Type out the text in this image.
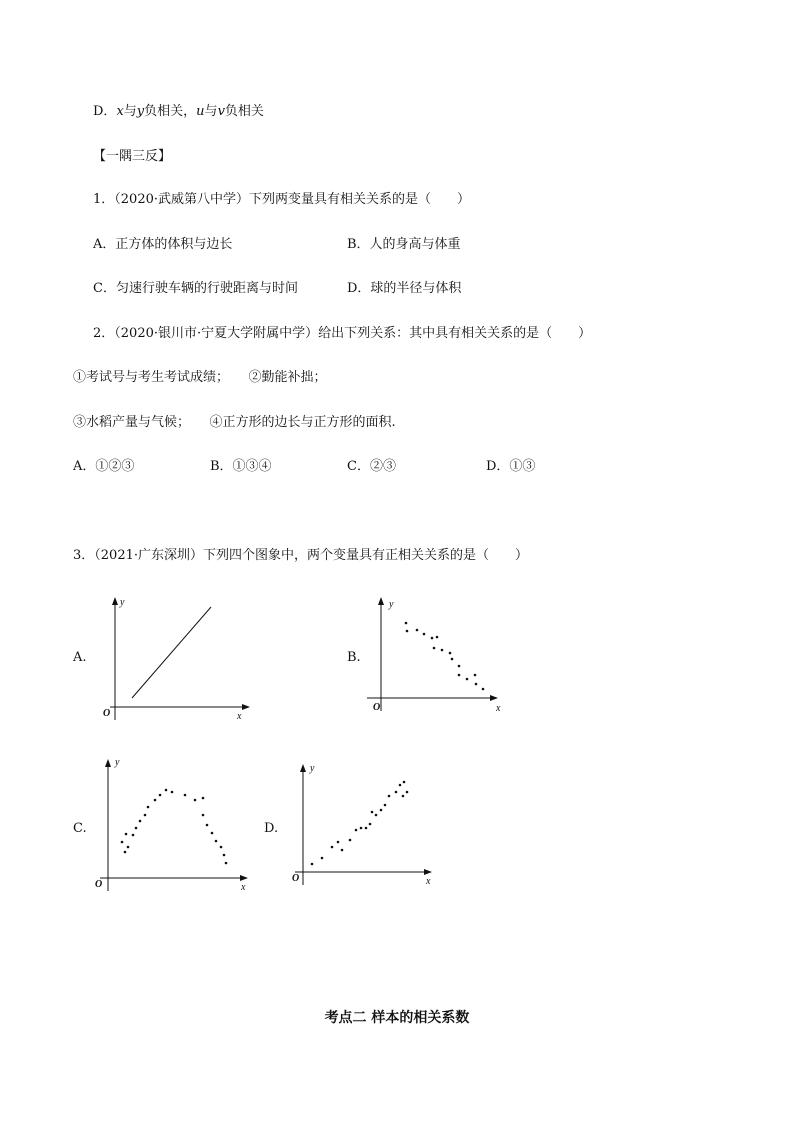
D．x与y负相关，u与v负相关
【一隅三反】
1．（2020·武威第八中学）下列两变量具有相关关系的是（　　）
A．正方体的体积与边长	B．人的身高与体重
C．匀速行驶车辆的行驶距离与时间	D．球的半径与体积
2．（2020·银川市·宁夏大学附属中学）给出下列关系：其中具有相关关系的是（　　）
①考试号与考生考试成绩；　　②勤能补拙；
③水稻产量与气候；　　④正方形的边长与正方形的面积.
A．①②③	B．①③④	C．②③	D．①③
3．（2021·广东深圳）下列四个图象中，两个变量具有正相关关系的是（　　）
A.
y
x
O
B.
y
x
O
C.
y
x
O
D.
y
x
O
考点二 样本的相关系数
